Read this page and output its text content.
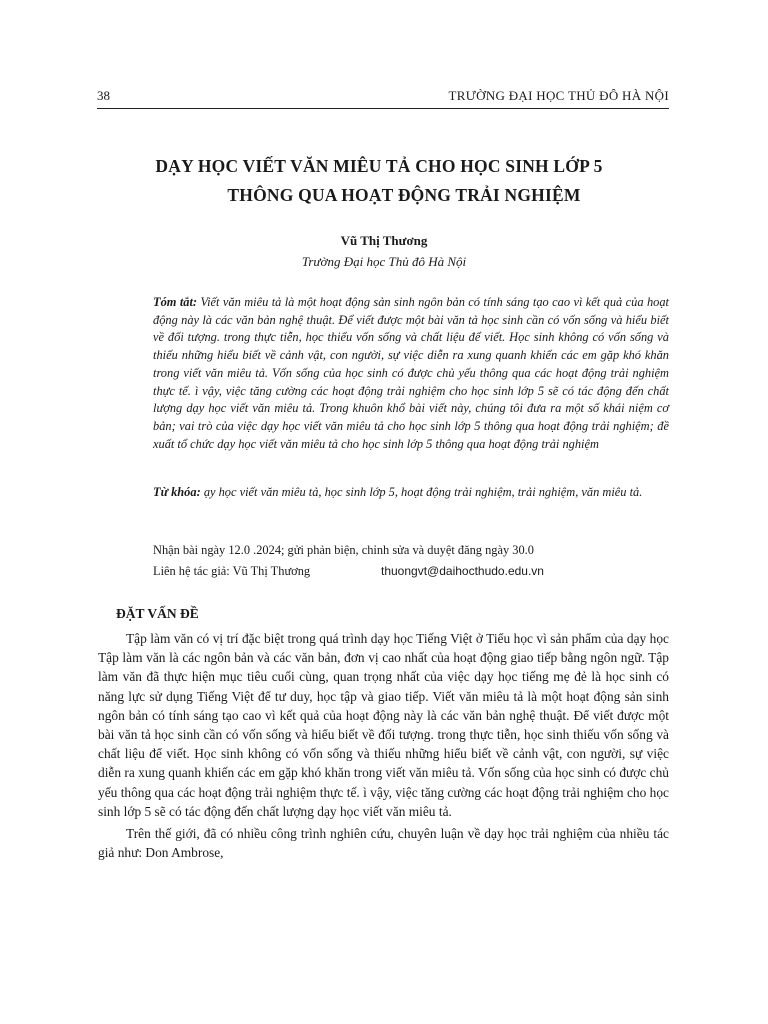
38	TRƯỜNG ĐẠI HỌC THỦ ĐÔ HÀ NỘI
DẠY HỌC VIẾT VĂN MIÊU TẢ CHO HỌC SINH LỚP 5
THÔNG QUA HOẠT ĐỘNG TRẢI NGHIỆM
Vũ Thị Thương
Trường Đại học Thủ đô Hà Nội
Tóm tắt: Viết văn miêu tả là một hoạt động sản sinh ngôn bản có tính sáng tạo cao vì kết quả của hoạt động này là các văn bản nghệ thuật. Để viết được một bài văn tả học sinh cần có vốn sống và hiểu biết về đối tượng. trong thực tiễn, học thiếu vốn sống và chất liệu để viết. Học sinh không có vốn sống và thiếu những hiểu biết về cảnh vật, con người, sự việc diễn ra xung quanh khiến các em gặp khó khăn trong viết văn miêu tả. Vốn sống của học sinh có được chủ yếu thông qua các hoạt động trải nghiệm thực tế. ì vậy, việc tăng cường các hoạt động trải nghiệm cho học sinh lớp 5 sẽ có tác động đến chất lượng dạy học viết văn miêu tả. Trong khuôn khổ bài viết này, chúng tôi đưa ra một số khái niệm cơ bản; vai trò của việc dạy học viết văn miêu tả cho học sinh lớp 5 thông qua hoạt động trải nghiệm; đề xuất tổ chức dạy học viết văn miêu tả cho học sinh lớp 5 thông qua hoạt động trải nghiệm
Từ khóa: ạy học viết văn miêu tả, học sinh lớp 5, hoạt động trải nghiệm, trải nghiệm, văn miêu tả.
Nhận bài ngày 12.0 .2024; gửi phản biện, chỉnh sửa và duyệt đăng ngày 30.0
Liên hệ tác giả: Vũ Thị Thương	thuongvt@daihocthudo.edu.vn
ĐẶT VẤN ĐỀ

Tập làm văn có vị trí đặc biệt trong quá trình dạy học Tiếng Việt ở Tiểu học vì sản phẩm của dạy học Tập làm văn là các ngôn bản và các văn bản, đơn vị cao nhất của hoạt động giao tiếp bằng ngôn ngữ. Tập làm văn đã thực hiện mục tiêu cuối cùng, quan trọng nhất của việc dạy học tiếng mẹ đẻ là học sinh có năng lực sử dụng Tiếng Việt để tư duy, học tập và giao tiếp. Viết văn miêu tả là một hoạt động sản sinh ngôn bản có tính sáng tạo cao vì kết quả của hoạt động này là các văn bản nghệ thuật. Để viết được một bài văn tả học sinh cần có vốn sống và hiểu biết về đối tượng. trong thực tiễn, học sinh thiếu vốn sống và chất liệu để viết. Học sinh không có vốn sống và thiếu những hiểu biết về cảnh vật, con người, sự việc diễn ra xung quanh khiến các em gặp khó khăn trong viết văn miêu tả. Vốn sống của học sinh có được chủ yếu thông qua các hoạt động trải nghiệm thực tế. ì vậy, việc tăng cường các hoạt động trải nghiệm cho học sinh lớp 5 sẽ có tác động đến chất lượng dạy học viết văn miêu tả.

Trên thế giới, đã có nhiều công trình nghiên cứu, chuyên luận về dạy học trải nghiệm của nhiều tác giả như: Don Ambrose,
